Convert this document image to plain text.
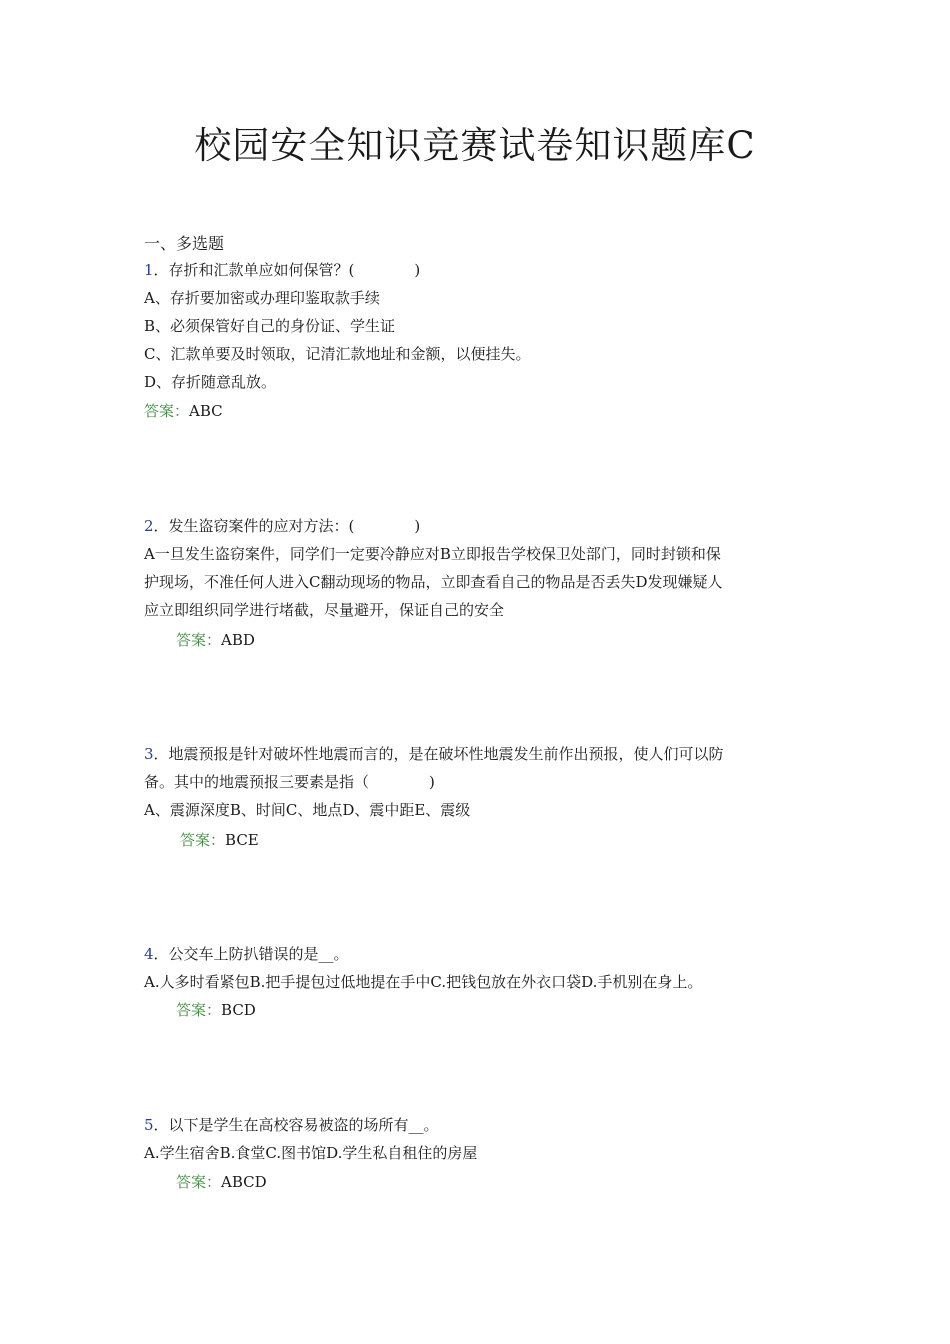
校园安全知识竞赛试卷知识题库C
一、多选题
1．存折和汇款单应如何保管？(　　　　)
A、存折要加密或办理印鉴取款手续
B、必须保管好自己的身份证、学生证
C、汇款单要及时领取，记清汇款地址和金额，以便挂失。
D、存折随意乱放。
答案：ABC
2．发生盗窃案件的应对方法：(　　　　)
A一旦发生盗窃案件，同学们一定要冷静应对B立即报告学校保卫处部门，同时封锁和保
护现场，不准任何人进入C翻动现场的物品，立即查看自己的物品是否丢失D发现嫌疑人
应立即组织同学进行堵截，尽量避开，保证自己的安全
答案：ABD
3．地震预报是针对破坏性地震而言的，是在破坏性地震发生前作出预报，使人们可以防
备。其中的地震预报三要素是指（　　　　)
A、震源深度B、时间C、地点D、震中距E、震级
答案：BCE
4．公交车上防扒错误的是__。
A.人多时看紧包B.把手提包过低地提在手中C.把钱包放在外衣口袋D.手机别在身上。
答案：BCD
5．以下是学生在高校容易被盗的场所有__。
A.学生宿舍B.食堂C.图书馆D.学生私自租住的房屋
答案：ABCD
